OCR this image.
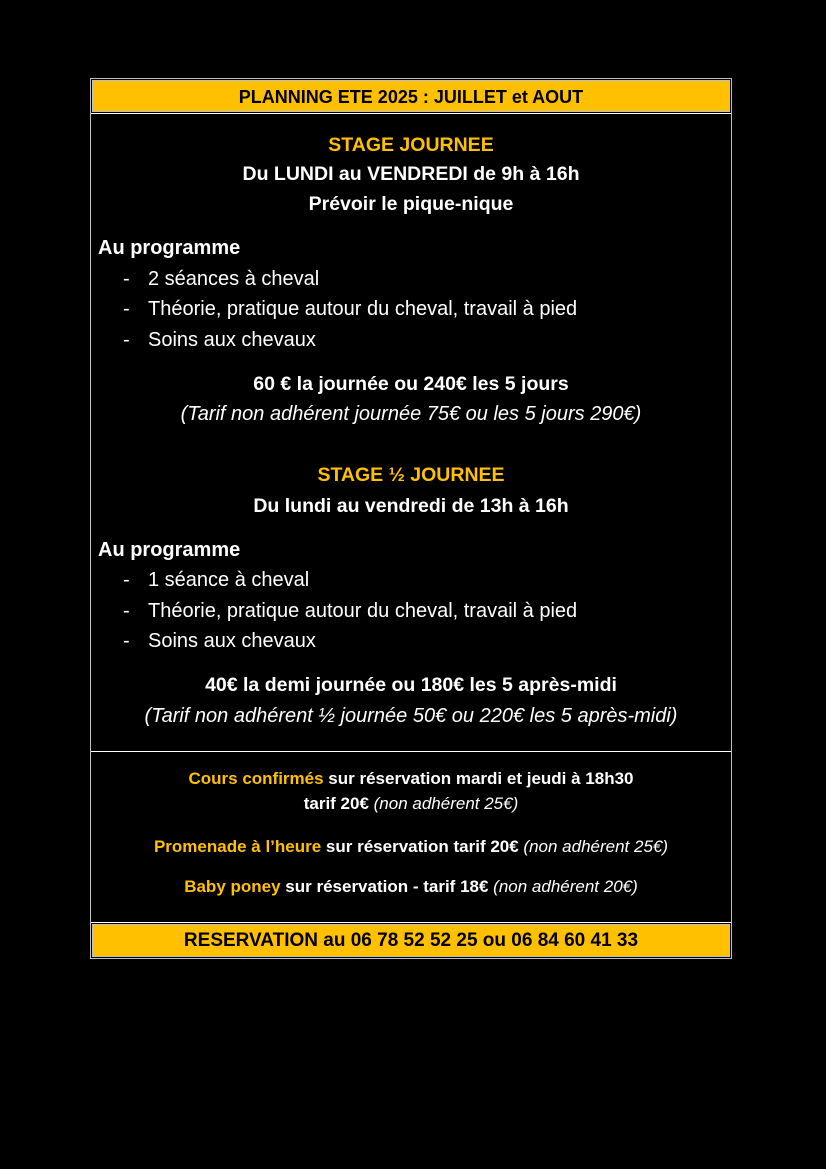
PLANNING ETE 2025 : JUILLET et AOUT
STAGE JOURNEE
Du LUNDI au VENDREDI de 9h à 16h
Prévoir le pique-nique
Au programme
- 2 séances à cheval
- Théorie, pratique autour du cheval, travail à pied
- Soins aux chevaux
60 € la journée ou 240€ les 5 jours
(Tarif non adhérent journée 75€ ou les 5 jours 290€)
STAGE ½ JOURNEE
Du lundi au vendredi de 13h à 16h
Au programme
- 1 séance à cheval
- Théorie, pratique autour du cheval, travail à pied
- Soins aux chevaux
40€ la demi journée ou 180€ les 5 après-midi
(Tarif non adhérent ½ journée 50€ ou 220€ les 5 après-midi)
Cours confirmés sur réservation mardi et jeudi à 18h30
tarif 20€ (non adhérent 25€)
Promenade à l’heure sur réservation tarif 20€ (non adhérent 25€)
Baby poney sur réservation - tarif 18€ (non adhérent 20€)
RESERVATION au 06 78 52 52 25 ou 06 84 60 41 33
